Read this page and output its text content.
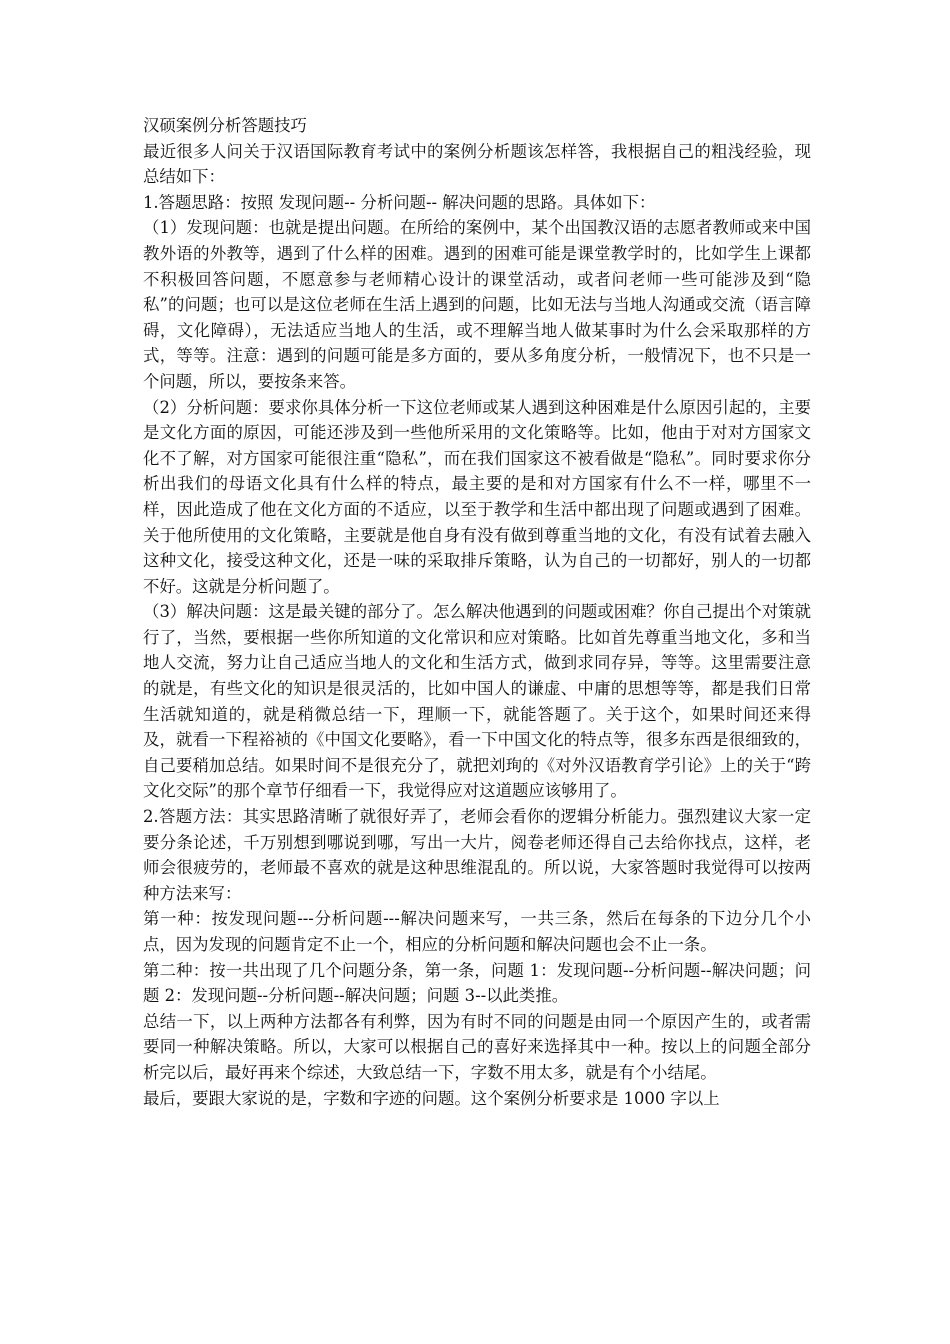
汉硕案例分析答题技巧

最近很多人问关于汉语国际教育考试中的案例分析题该怎样答，我根据自己的粗浅经验，现总结如下：

1.答题思路：按照 发现问题-- 分析问题-- 解决问题的思路。具体如下：

（1）发现问题：也就是提出问题。在所给的案例中，某个出国教汉语的志愿者教师或来中国教外语的外教等，遇到了什么样的困难。遇到的困难可能是课堂教学时的，比如学生上课都不积极回答问题，不愿意参与老师精心设计的课堂活动，或者问老师一些可能涉及到“隐私”的问题；也可以是这位老师在生活上遇到的问题，比如无法与当地人沟通或交流（语言障碍，文化障碍），无法适应当地人的生活，或不理解当地人做某事时为什么会采取那样的方式，等等。注意：遇到的问题可能是多方面的，要从多角度分析，一般情况下，也不只是一个问题，所以，要按条来答。

（2）分析问题：要求你具体分析一下这位老师或某人遇到这种困难是什么原因引起的，主要是文化方面的原因，可能还涉及到一些他所采用的文化策略等。比如，他由于对对方国家文化不了解，对方国家可能很注重“隐私”，而在我们国家这不被看做是“隐私”。同时要求你分析出我们的母语文化具有什么样的特点，最主要的是和对方国家有什么不一样，哪里不一样，因此造成了他在文化方面的不适应，以至于教学和生活中都出现了问题或遇到了困难。关于他所使用的文化策略，主要就是他自身有没有做到尊重当地的文化，有没有试着去融入这种文化，接受这种文化，还是一味的采取排斥策略，认为自己的一切都好，别人的一切都不好。这就是分析问题了。

（3）解决问题：这是最关键的部分了。怎么解决他遇到的问题或困难？你自己提出个对策就行了，当然，要根据一些你所知道的文化常识和应对策略。比如首先尊重当地文化，多和当地人交流，努力让自己适应当地人的文化和生活方式，做到求同存异，等等。这里需要注意的就是，有些文化的知识是很灵活的，比如中国人的谦虚、中庸的思想等等，都是我们日常生活就知道的，就是稍微总结一下，理顺一下，就能答题了。关于这个，如果时间还来得及，就看一下程裕祯的《中国文化要略》，看一下中国文化的特点等，很多东西是很细致的，自己要稍加总结。如果时间不是很充分了，就把刘珣的《对外汉语教育学引论》上的关于“跨文化交际”的那个章节仔细看一下，我觉得应对这道题应该够用了。

2.答题方法：其实思路清晰了就很好弄了，老师会看你的逻辑分析能力。强烈建议大家一定要分条论述，千万别想到哪说到哪，写出一大片，阅卷老师还得自己去给你找点，这样，老师会很疲劳的，老师最不喜欢的就是这种思维混乱的。所以说，大家答题时我觉得可以按两种方法来写：

第一种：按发现问题---分析问题---解决问题来写，一共三条，然后在每条的下边分几个小点，因为发现的问题肯定不止一个，相应的分析问题和解决问题也会不止一条。

第二种：按一共出现了几个问题分条，第一条，问题 1：发现问题--分析问题--解决问题；问题 2：发现问题--分析问题--解决问题；问题 3--以此类推。

总结一下，以上两种方法都各有利弊，因为有时不同的问题是由同一个原因产生的，或者需要同一种解决策略。所以，大家可以根据自己的喜好来选择其中一种。按以上的问题全部分析完以后，最好再来个综述，大致总结一下，字数不用太多，就是有个小结尾。

最后，要跟大家说的是，字数和字迹的问题。这个案例分析要求是 1000 字以上
